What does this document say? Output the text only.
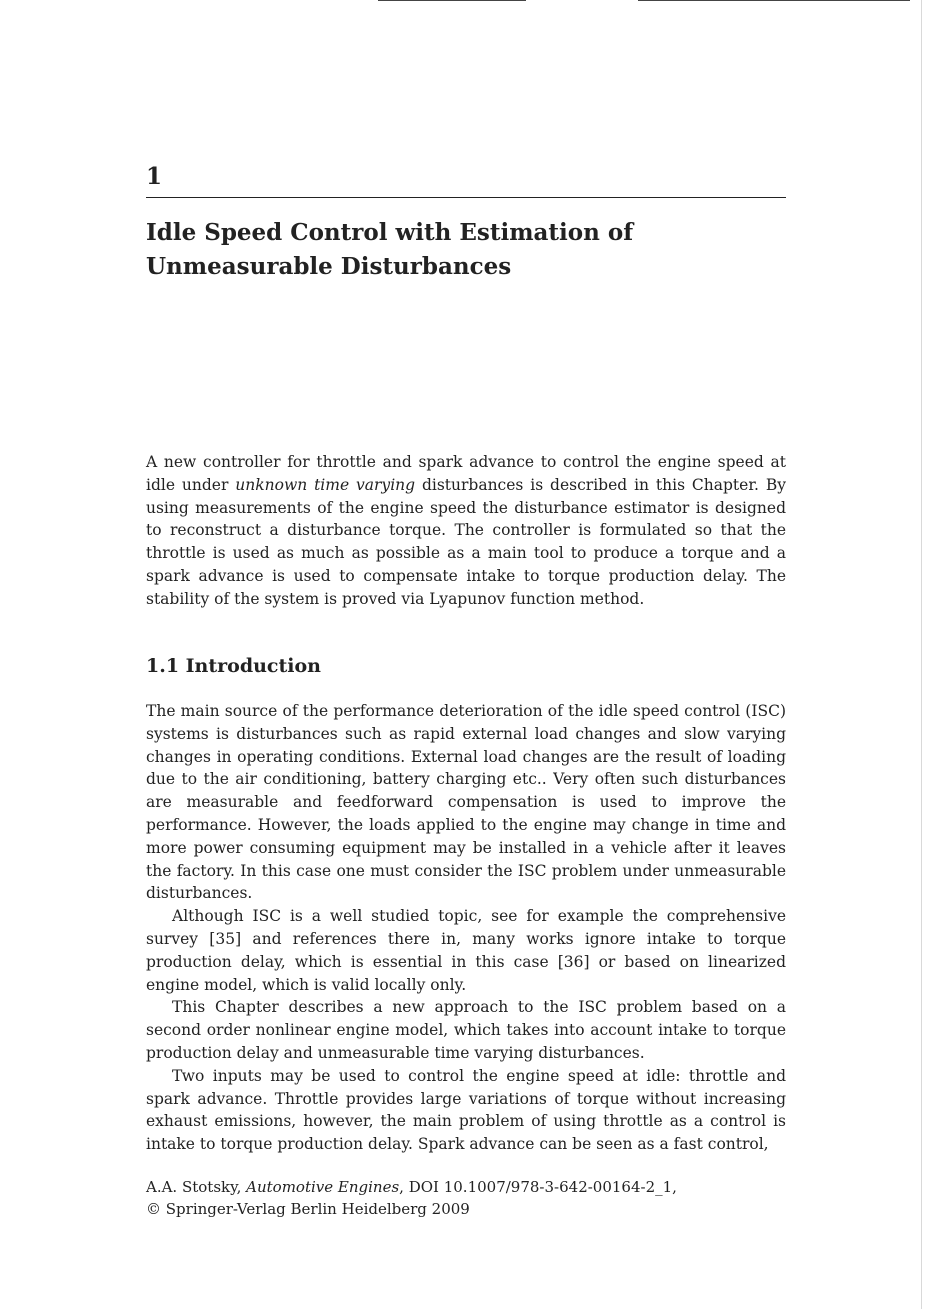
1
Idle Speed Control with Estimation of
Unmeasurable Disturbances

A new controller for throttle and spark advance to control the engine speed at idle under unknown time varying disturbances is described in this Chapter. By using measurements of the engine speed the disturbance estimator is designed to reconstruct a disturbance torque. The controller is formulated so that the throttle is used as much as possible as a main tool to produce a torque and a spark advance is used to compensate intake to torque production delay. The stability of the system is proved via Lyapunov function method.

1.1 Introduction

The main source of the performance deterioration of the idle speed control (ISC) systems is disturbances such as rapid external load changes and slow varying changes in operating conditions. External load changes are the result of loading due to the air conditioning, battery charging etc.. Very often such disturbances are measurable and feedforward compensation is used to improve the performance. However, the loads applied to the engine may change in time and more power consuming equipment may be installed in a vehicle after it leaves the factory. In this case one must consider the ISC problem under unmeasurable disturbances.

Although ISC is a well studied topic, see for example the comprehensive survey [35] and references there in, many works ignore intake to torque production delay, which is essential in this case [36] or based on linearized engine model, which is valid locally only.

This Chapter describes a new approach to the ISC problem based on a second order nonlinear engine model, which takes into account intake to torque production delay and unmeasurable time varying disturbances.

Two inputs may be used to control the engine speed at idle: throttle and spark advance. Throttle provides large variations of torque without increasing exhaust emissions, however, the main problem of using throttle as a control is intake to torque production delay. Spark advance can be seen as a fast control,

A.A. Stotsky, Automotive Engines, DOI 10.1007/978-3-642-00164-2_1,
© Springer-Verlag Berlin Heidelberg 2009
